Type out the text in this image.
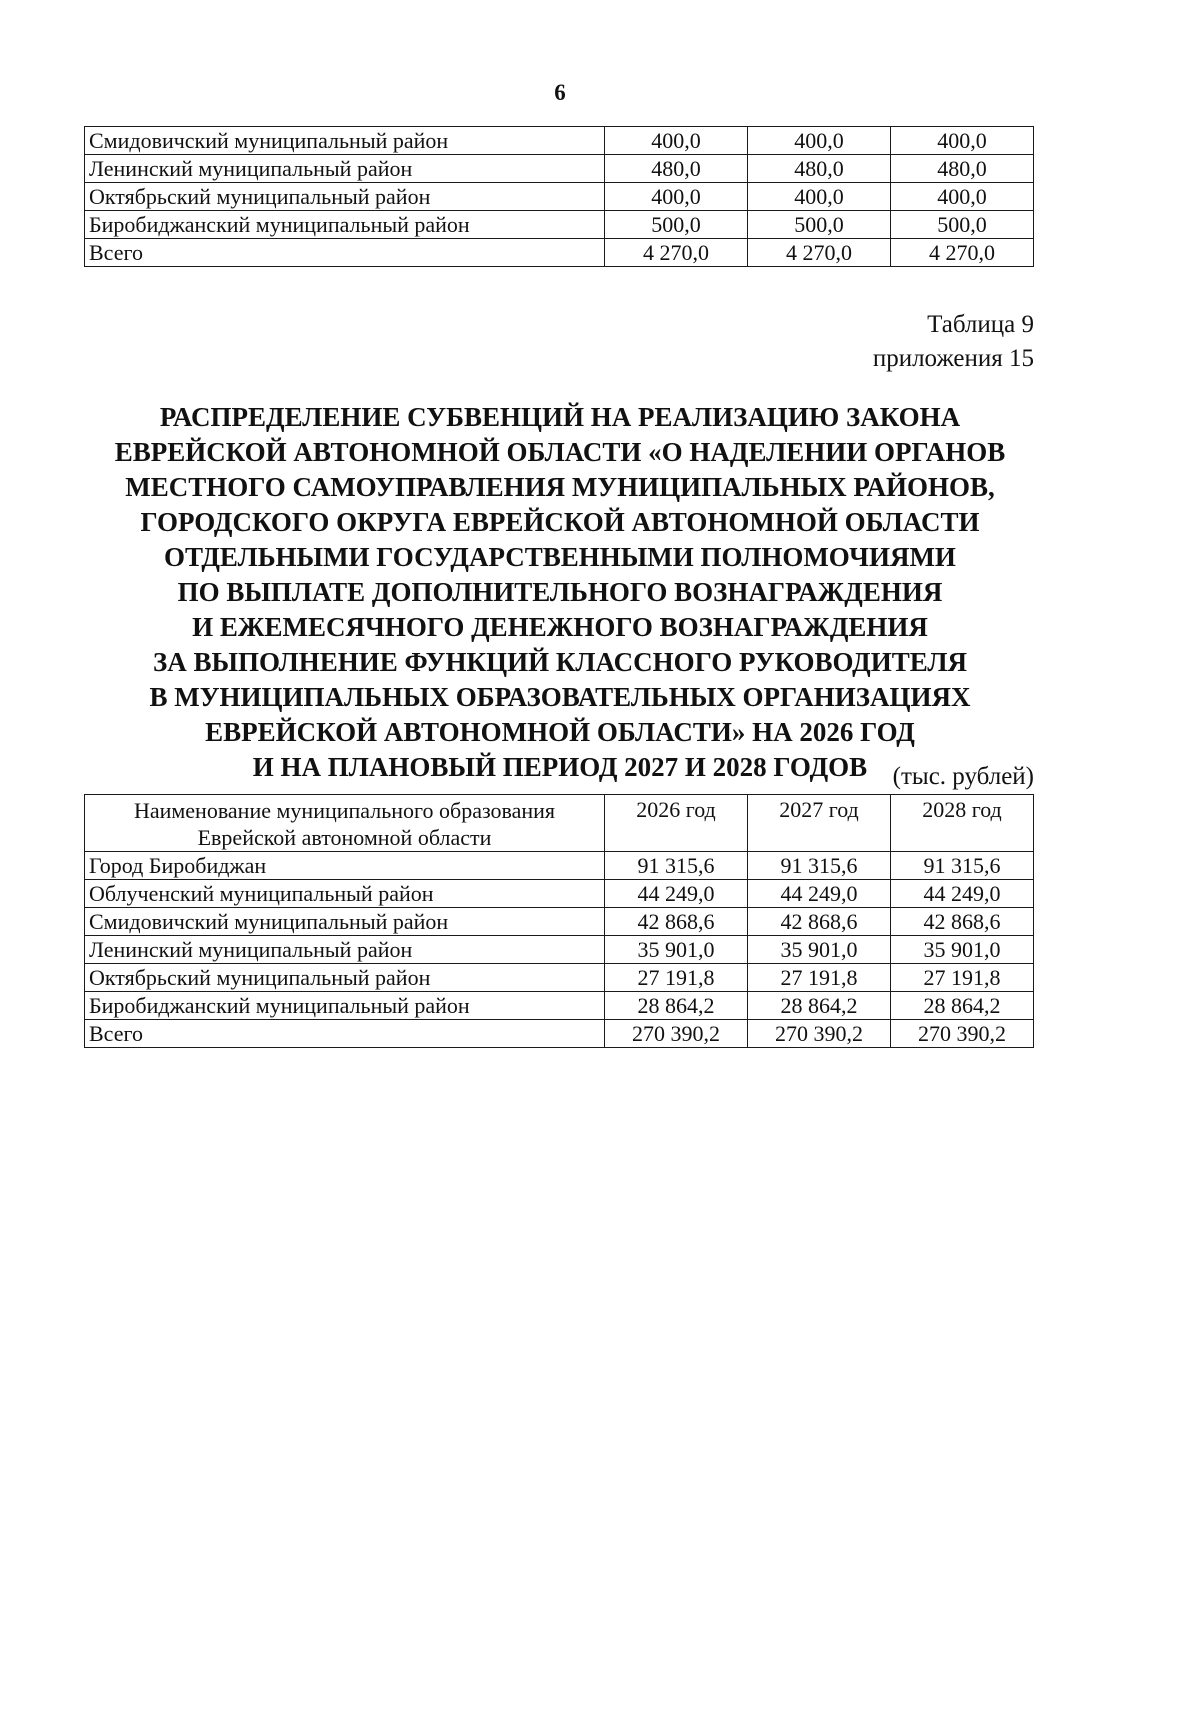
6
Смидовичский муниципальный район	400,0	400,0	400,0
Ленинский муниципальный район	480,0	480,0	480,0
Октябрьский муниципальный район	400,0	400,0	400,0
Биробиджанский муниципальный район	500,0	500,0	500,0
Всего	4 270,0	4 270,0	4 270,0
Таблица 9
приложения 15
РАСПРЕДЕЛЕНИЕ СУБВЕНЦИЙ НА РЕАЛИЗАЦИЮ ЗАКОНА
ЕВРЕЙСКОЙ АВТОНОМНОЙ ОБЛАСТИ «О НАДЕЛЕНИИ ОРГАНОВ
МЕСТНОГО САМОУПРАВЛЕНИЯ МУНИЦИПАЛЬНЫХ РАЙОНОВ,
ГОРОДСКОГО ОКРУГА ЕВРЕЙСКОЙ АВТОНОМНОЙ ОБЛАСТИ
ОТДЕЛЬНЫМИ ГОСУДАРСТВЕННЫМИ ПОЛНОМОЧИЯМИ
ПО ВЫПЛАТЕ ДОПОЛНИТЕЛЬНОГО ВОЗНАГРАЖДЕНИЯ
И ЕЖЕМЕСЯЧНОГО ДЕНЕЖНОГО ВОЗНАГРАЖДЕНИЯ
ЗА ВЫПОЛНЕНИЕ ФУНКЦИЙ КЛАССНОГО РУКОВОДИТЕЛЯ
В МУНИЦИПАЛЬНЫХ ОБРАЗОВАТЕЛЬНЫХ ОРГАНИЗАЦИЯХ
ЕВРЕЙСКОЙ АВТОНОМНОЙ ОБЛАСТИ» НА 2026 ГОД
И НА ПЛАНОВЫЙ ПЕРИОД 2027 И 2028 ГОДОВ	(тыс. рублей)
Наименование муниципального образования
Еврейской автономной области	2026 год	2027 год	2028 год
Город Биробиджан	91 315,6	91 315,6	91 315,6
Облученский муниципальный район	44 249,0	44 249,0	44 249,0
Смидовичский муниципальный район	42 868,6	42 868,6	42 868,6
Ленинский муниципальный район	35 901,0	35 901,0	35 901,0
Октябрьский муниципальный район	27 191,8	27 191,8	27 191,8
Биробиджанский муниципальный район	28 864,2	28 864,2	28 864,2
Всего	270 390,2	270 390,2	270 390,2
